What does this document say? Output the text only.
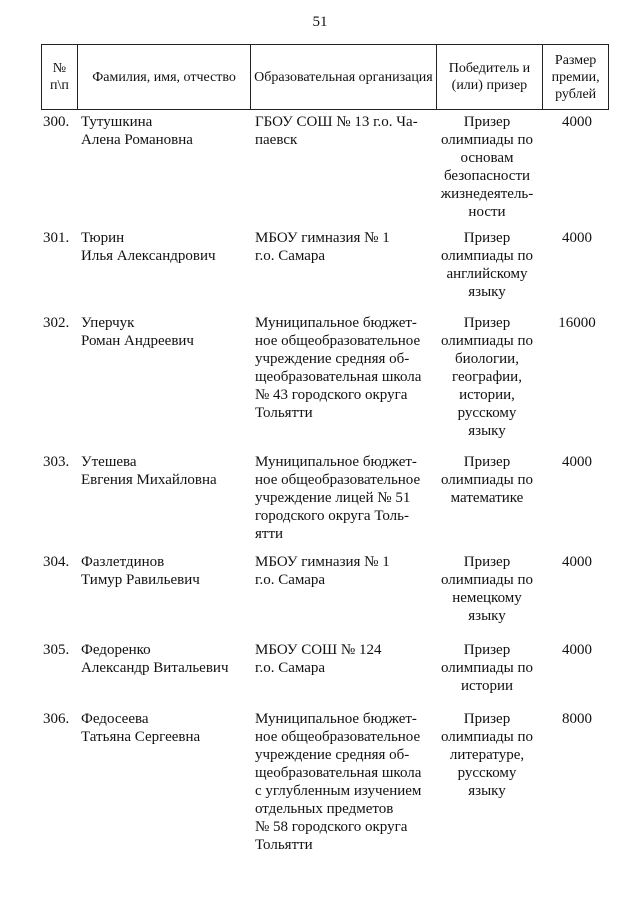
51
№ п\п
Фамилия, имя, отчество	Образовательная организация
Победитель и (или) призер
Размер премии, рублей
300. Тутушкина
Алена Романовна
ГБОУ СОШ № 13 г.о. Ча-
паевск
Призер
олимпиады по
основам
безопасности
жизнедеятель-
ности
4000
301. Тюрин
Илья Александрович
МБОУ гимназия № 1
г.о. Самара
Призер
олимпиады по
английскому
языку
4000
302. Уперчук
Роман Андреевич
Муниципальное бюджет-
ное общеобразовательное
учреждение средняя об-
щеобразовательная школа
№ 43 городского округа
Тольятти
Призер
олимпиады по
биологии,
географии,
истории,
русскому
языку
16000
303. Утешева
Евгения Михайловна
Муниципальное бюджет-
ное общеобразовательное
учреждение лицей № 51
городского округа Толь-
ятти
Призер
олимпиады по
математике
4000
304. Фазлетдинов
Тимур Равильевич
МБОУ гимназия № 1
г.о. Самара
Призер
олимпиады по
немецкому
языку
4000
305. Федоренко
Александр Витальевич
МБОУ СОШ № 124
г.о. Самара
Призер
олимпиады по
истории
4000
306. Федосеева
Татьяна Сергеевна
Муниципальное бюджет-
ное общеобразовательное
учреждение средняя об-
щеобразовательная школа
с углубленным изучением
отдельных предметов
№ 58 городского округа
Тольятти
Призер
олимпиады по
литературе,
русскому
языку
8000
